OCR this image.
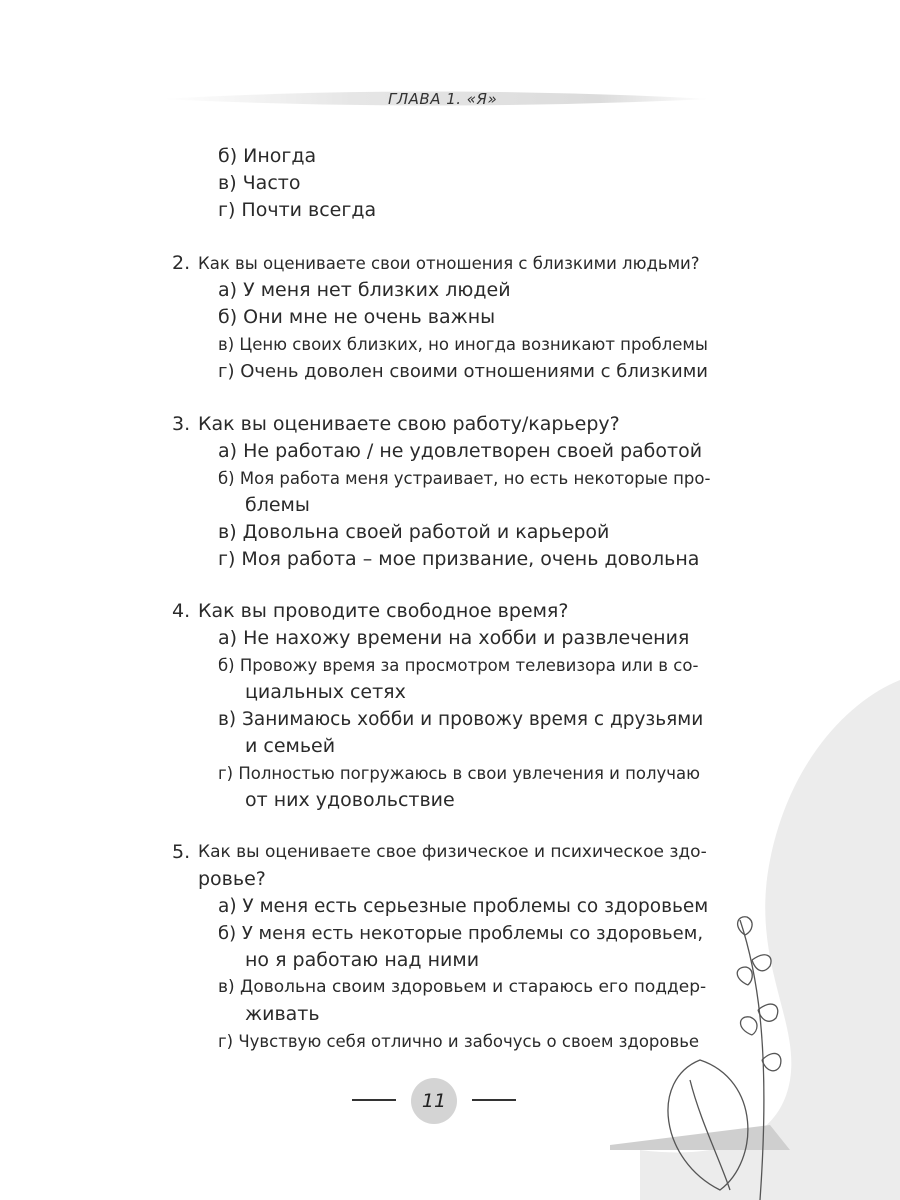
ГЛАВА 1. «Я»
б) Иногда
в) Часто
г) Почти всегда
2. Как вы оцениваете свои отношения с близкими людьми?
а) У меня нет близких людей
б) Они мне не очень важны
в) Ценю своих близких, но иногда возникают проблемы
г) Очень доволен своими отношениями с близкими
3. Как вы оцениваете свою работу/карьеру?
а) Не работаю / не удовлетворен своей работой
б) Моя работа меня устраивает, но есть некоторые про-
блемы
в) Довольна своей работой и карьерой
г) Моя работа – мое призвание, очень довольна
4. Как вы проводите свободное время?
а) Не нахожу времени на хобби и развлечения
б) Провожу время за просмотром телевизора или в со-
циальных сетях
в) Занимаюсь хобби и провожу время с друзьями
и семьей
г) Полностью погружаюсь в свои увлечения и получаю
от них удовольствие
5. Как вы оцениваете свое физическое и психическое здо-
ровье?
а) У меня есть серьезные проблемы со здоровьем
б) У меня есть некоторые проблемы со здоровьем,
но я работаю над ними
в) Довольна своим здоровьем и стараюсь его поддер-
живать
г) Чувствую себя отлично и забочусь о своем здоровье
11
